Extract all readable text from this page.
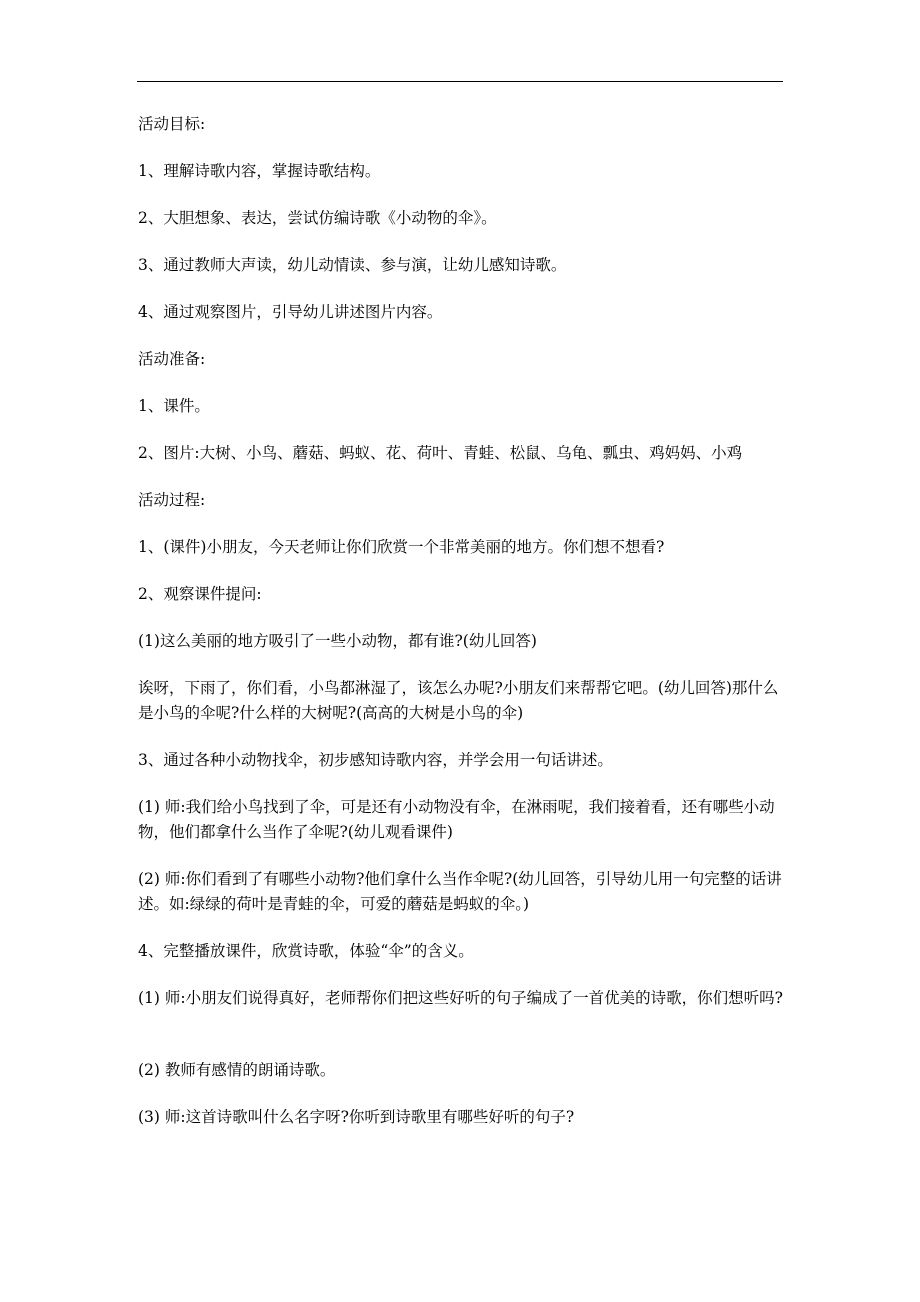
活动目标:

1、理解诗歌内容，掌握诗歌结构。

2、大胆想象、表达，尝试仿编诗歌《小动物的伞》。

3、通过教师大声读，幼儿动情读、参与演，让幼儿感知诗歌。

4、通过观察图片，引导幼儿讲述图片内容。

活动准备:

1、课件。

2、图片:大树、小鸟、蘑菇、蚂蚁、花、荷叶、青蛙、松鼠、乌龟、瓢虫、鸡妈妈、小鸡

活动过程:

1、(课件)小朋友，今天老师让你们欣赏一个非常美丽的地方。你们想不想看?

2、观察课件提问:

(1)这么美丽的地方吸引了一些小动物，都有谁?(幼儿回答)

诶呀，下雨了，你们看，小鸟都淋湿了，该怎么办呢?小朋友们来帮帮它吧。(幼儿回答)那什么是小鸟的伞呢?什么样的大树呢?(高高的大树是小鸟的伞)

3、通过各种小动物找伞，初步感知诗歌内容，并学会用一句话讲述。

(1) 师:我们给小鸟找到了伞，可是还有小动物没有伞，在淋雨呢，我们接着看，还有哪些小动物，他们都拿什么当作了伞呢?(幼儿观看课件)

(2) 师:你们看到了有哪些小动物?他们拿什么当作伞呢?(幼儿回答，引导幼儿用一句完整的话讲述。如:绿绿的荷叶是青蛙的伞，可爱的蘑菇是蚂蚁的伞。)

4、完整播放课件，欣赏诗歌，体验“伞”的含义。

(1) 师:小朋友们说得真好，老师帮你们把这些好听的句子编成了一首优美的诗歌，你们想听吗?

(2) 教师有感情的朗诵诗歌。

(3) 师:这首诗歌叫什么名字呀?你听到诗歌里有哪些好听的句子?
